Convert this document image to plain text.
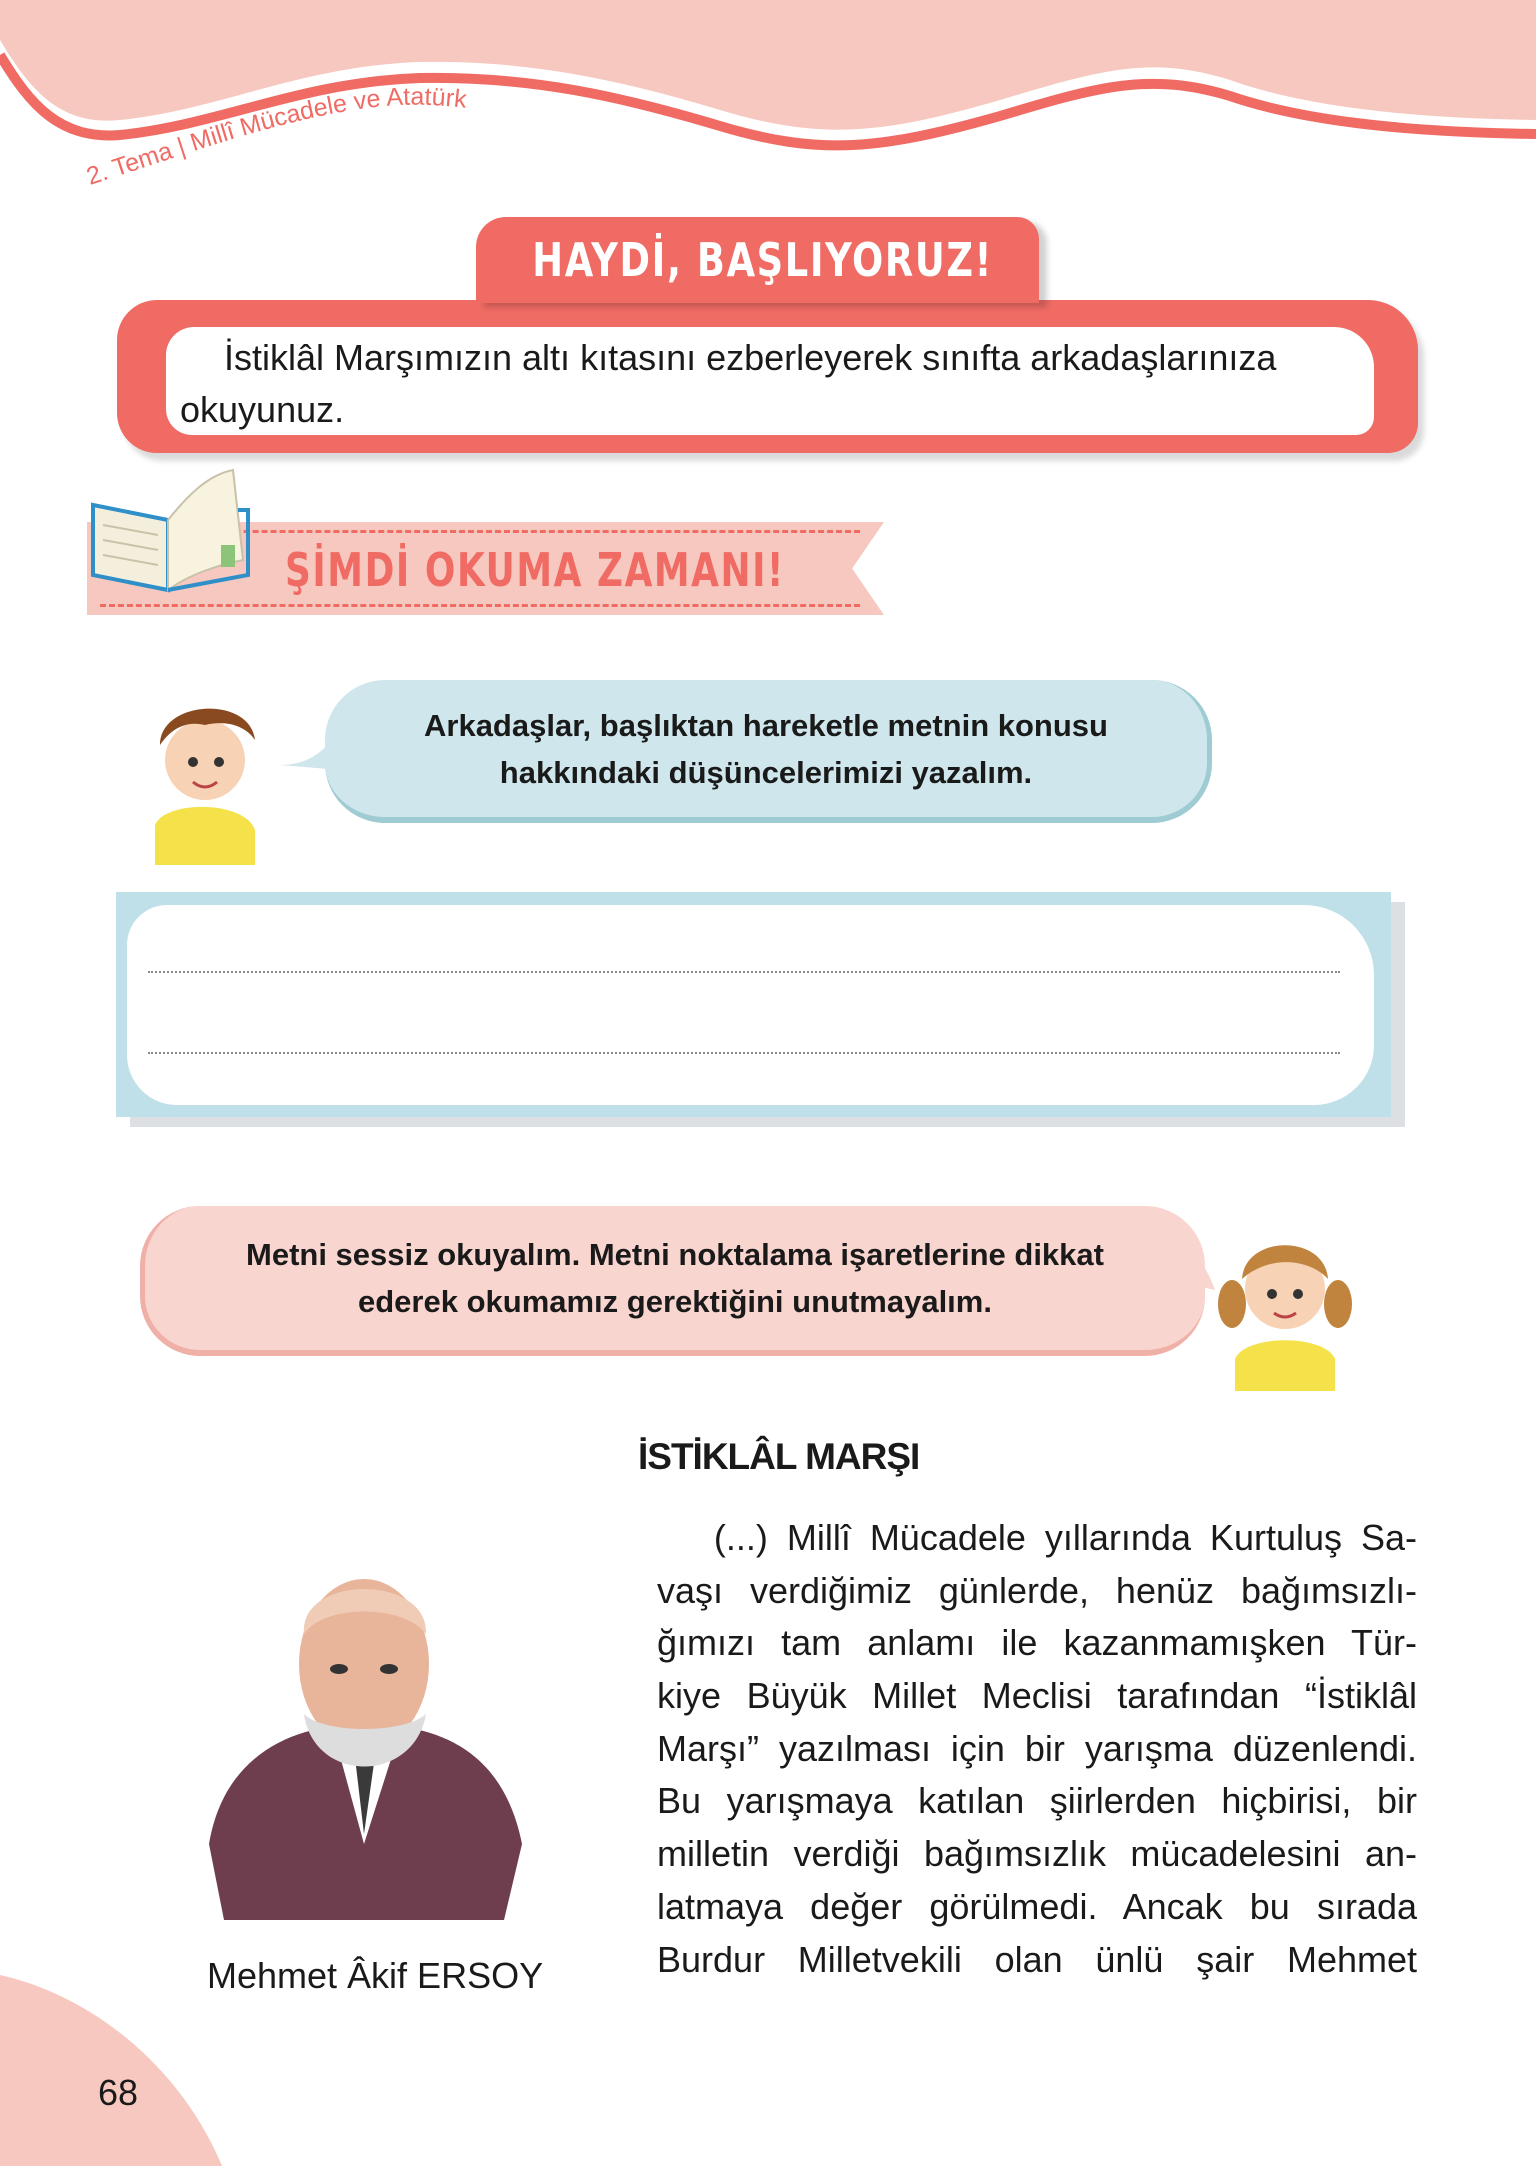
2. Tema | Millî Mücadele ve Atatürk
İstiklâl Marşımızın altı kıtasını ezberleyerek sınıfta arkadaşlarınıza okuyunuz.
HAYDİ, BAŞLIYORUZ!
ŞİMDİ OKUMA ZAMANI!
Arkadaşlar, başlıktan hareketle metnin konusu
hakkındaki düşüncelerimizi yazalım.
Metni sessiz okuyalım. Metni noktalama işaretlerine dikkat
ederek okumamız gerektiğini unutmayalım.
İSTİKLÂL MARŞI

(...) Millî Mücadele yıllarında Kurtuluş Sa-

vaşı verdiğimiz günlerde, henüz bağımsızlı-

ğımızı tam anlamı ile kazanmamışken Tür-

kiye Büyük Millet Meclisi tarafından “İstiklâl

Marşı” yazılması için bir yarışma düzenlendi.

Bu yarışmaya katılan şiirlerden hiçbirisi, bir

milletin verdiği bağımsızlık mücadelesini an-

latmaya değer görülmedi. Ancak bu sırada

Burdur Milletvekili olan ünlü şair Mehmet

Mehmet Âkif ERSOY
68
